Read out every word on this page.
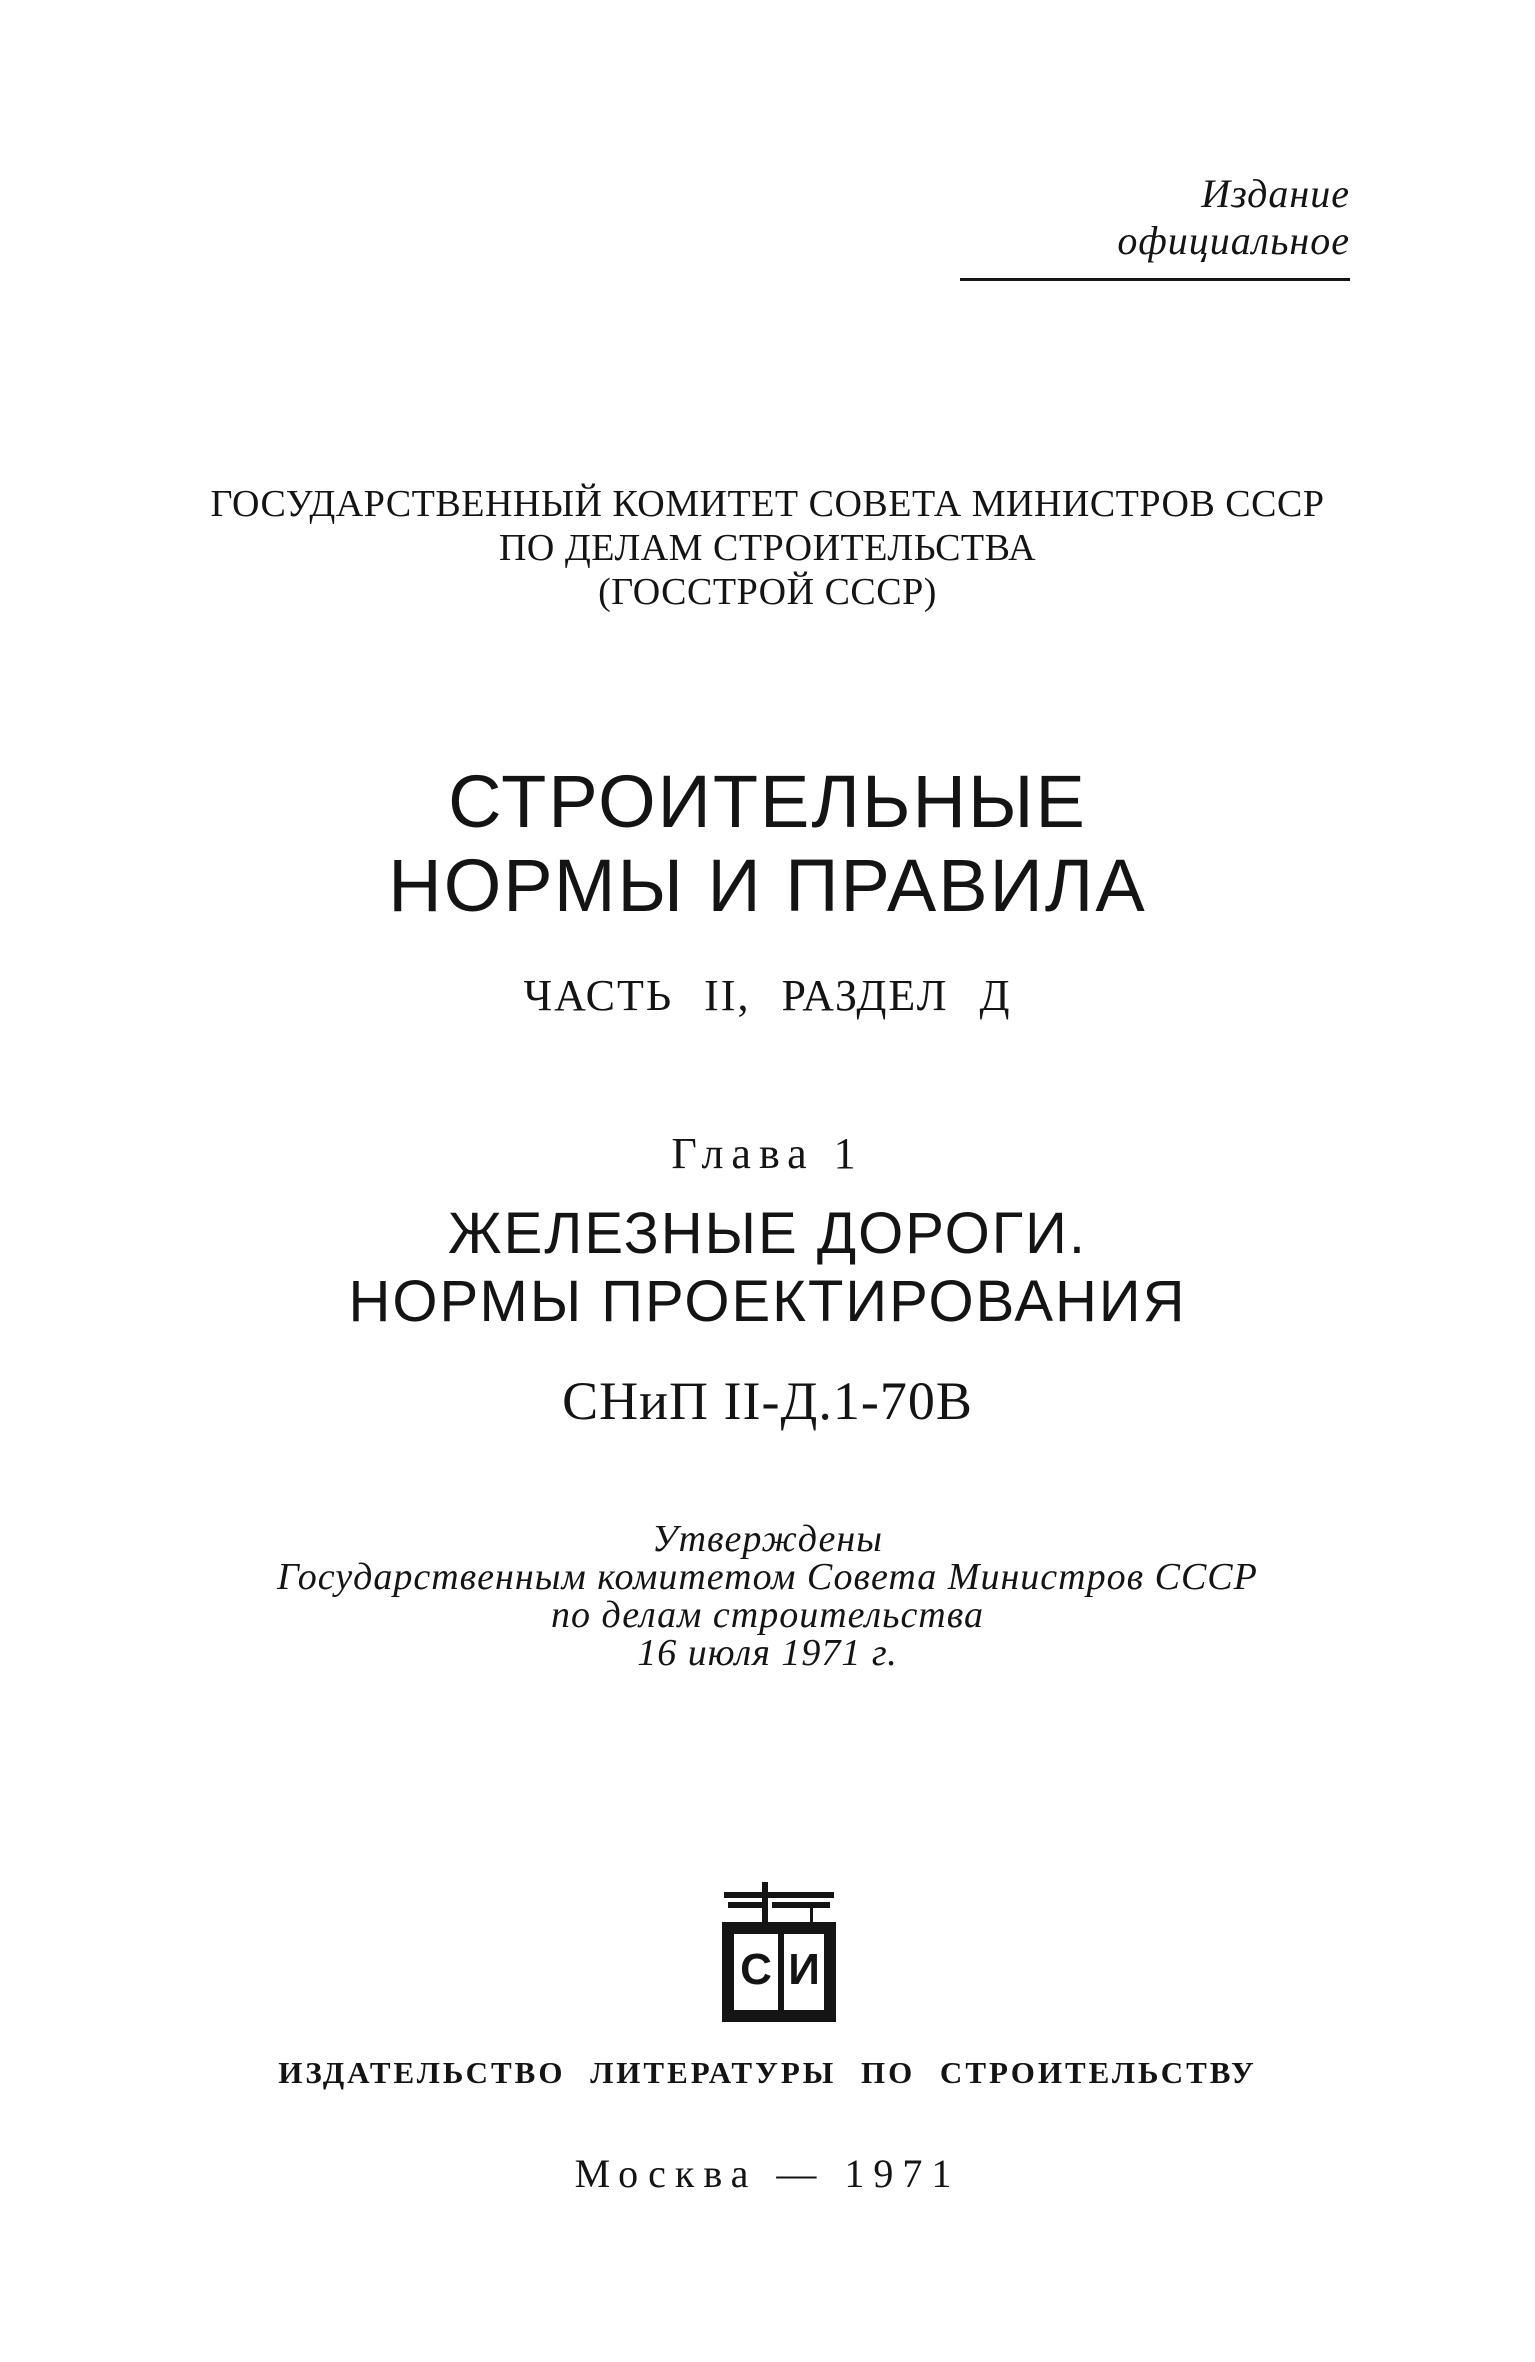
Издание официальное
ГОСУДАРСТВЕННЫЙ КОМИТЕТ СОВЕТА МИНИСТРОВ СССР
ПО ДЕЛАМ СТРОИТЕЛЬСТВА
(ГОССТРОЙ СССР)
СТРОИТЕЛЬНЫЕ
НОРМЫ И ПРАВИЛА
ЧАСТЬ II, РАЗДЕЛ Д
Глава 1
ЖЕЛЕЗНЫЕ ДОРОГИ.
НОРМЫ ПРОЕКТИРОВАНИЯ
СНиП II-Д.1-70В
Утверждены
Государственным комитетом Совета Министров СССР
по делам строительства
16 июля 1971 г.
С И
ИЗДАТЕЛЬСТВО ЛИТЕРАТУРЫ ПО СТРОИТЕЛЬСТВУ
Москва — 1971
